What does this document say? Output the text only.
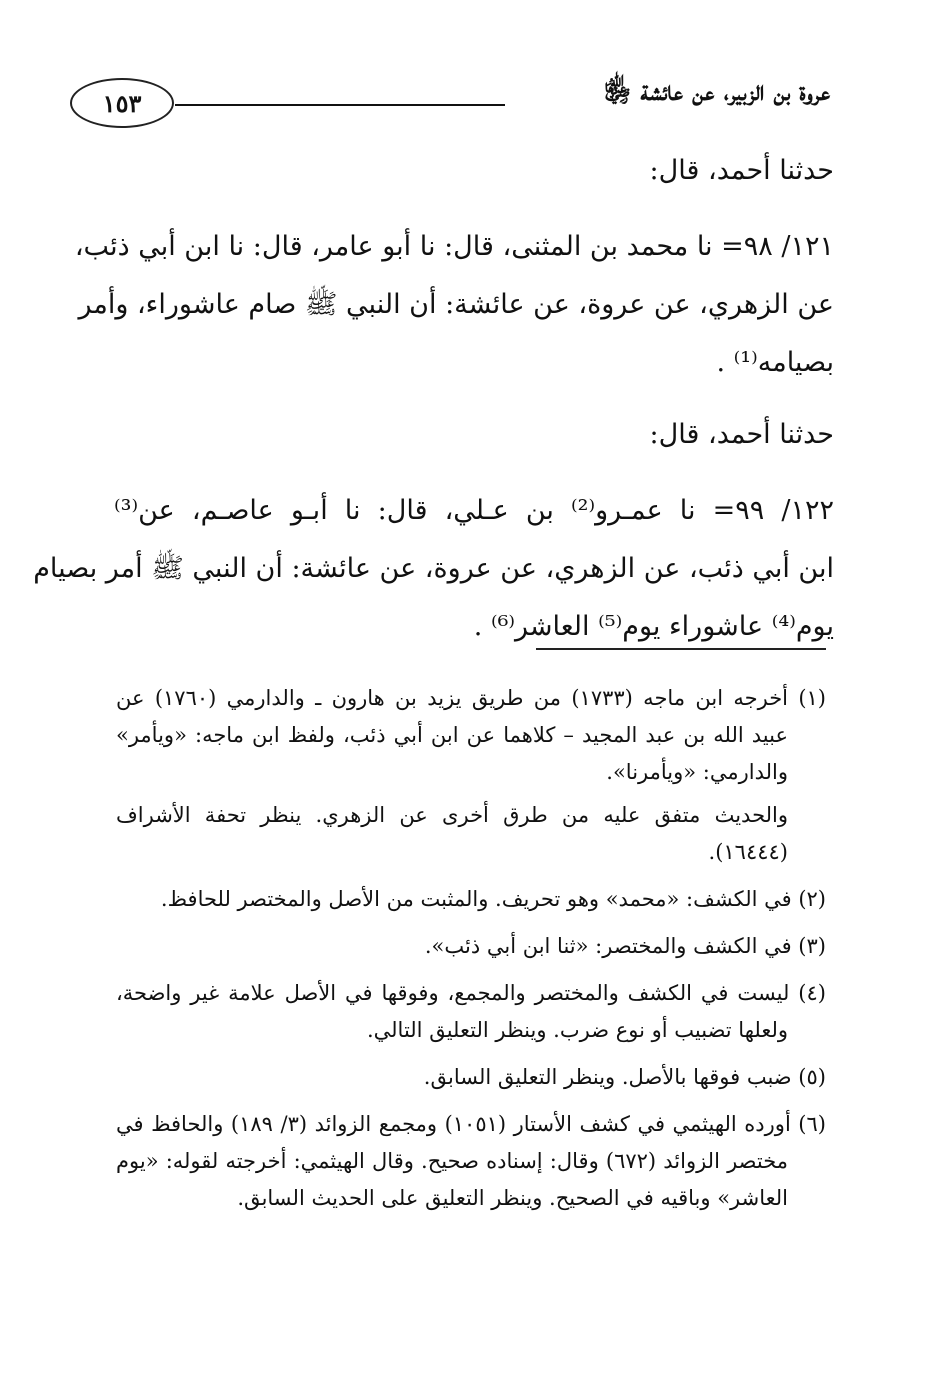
عروة بن الزبير، عن عائشة ﵂
١٥٣
حدثنا أحمد، قال:
١٢١/ ٩٨= نا محمد بن المثنى، قال: نا أبو عامر، قال: نا ابن أبي ذئب،
عن الزهري، عن عروة، عن عائشة: أن النبي ﷺ صام عاشوراء، وأمر
بصيامه⁽¹⁾ .
حدثنا أحمد، قال:
١٢٢/ ٩٩= نا عمـرو⁽²⁾ بن عـلي، قال: نا أبـو عاصـم، عن⁽³⁾
ابن أبي ذئب، عن الزهري، عن عروة، عن عائشة: أن النبي ﷺ أمر بصيام
يوم⁽⁴⁾ عاشوراء يوم⁽⁵⁾ العاشر⁽⁶⁾ .
(١) أخرجه ابن ماجه (١٧٣٣) من طريق يزيد بن هارون ـ والدارمي (١٧٦٠) عن
عبيد الله بن عبد المجيد – كلاهما عن ابن أبي ذئب، ولفظ ابن ماجه: «ويأمر»
والدارمي: «ويأمرنا».
والحديث متفق عليه من طرق أخرى عن الزهري. ينظر تحفة الأشراف
(١٦٤٤٤).
(٢) في الكشف: «محمد» وهو تحريف. والمثبت من الأصل والمختصر للحافظ.
(٣) في الكشف والمختصر: «ثنا ابن أبي ذئب».
(٤) ليست في الكشف والمختصر والمجمع، وفوقها في الأصل علامة غير واضحة،
ولعلها تضبيب أو نوع ضرب. وينظر التعليق التالي.
(٥) ضبب فوقها بالأصل. وينظر التعليق السابق.
(٦) أورده الهيثمي في كشف الأستار (١٠٥١) ومجمع الزوائد (٣/ ١٨٩) والحافظ في
مختصر الزوائد (٦٧٢) وقال: إسناده صحيح. وقال الهيثمي: أخرجته لقوله: «يوم
العاشر» وباقيه في الصحيح. وينظر التعليق على الحديث السابق.
